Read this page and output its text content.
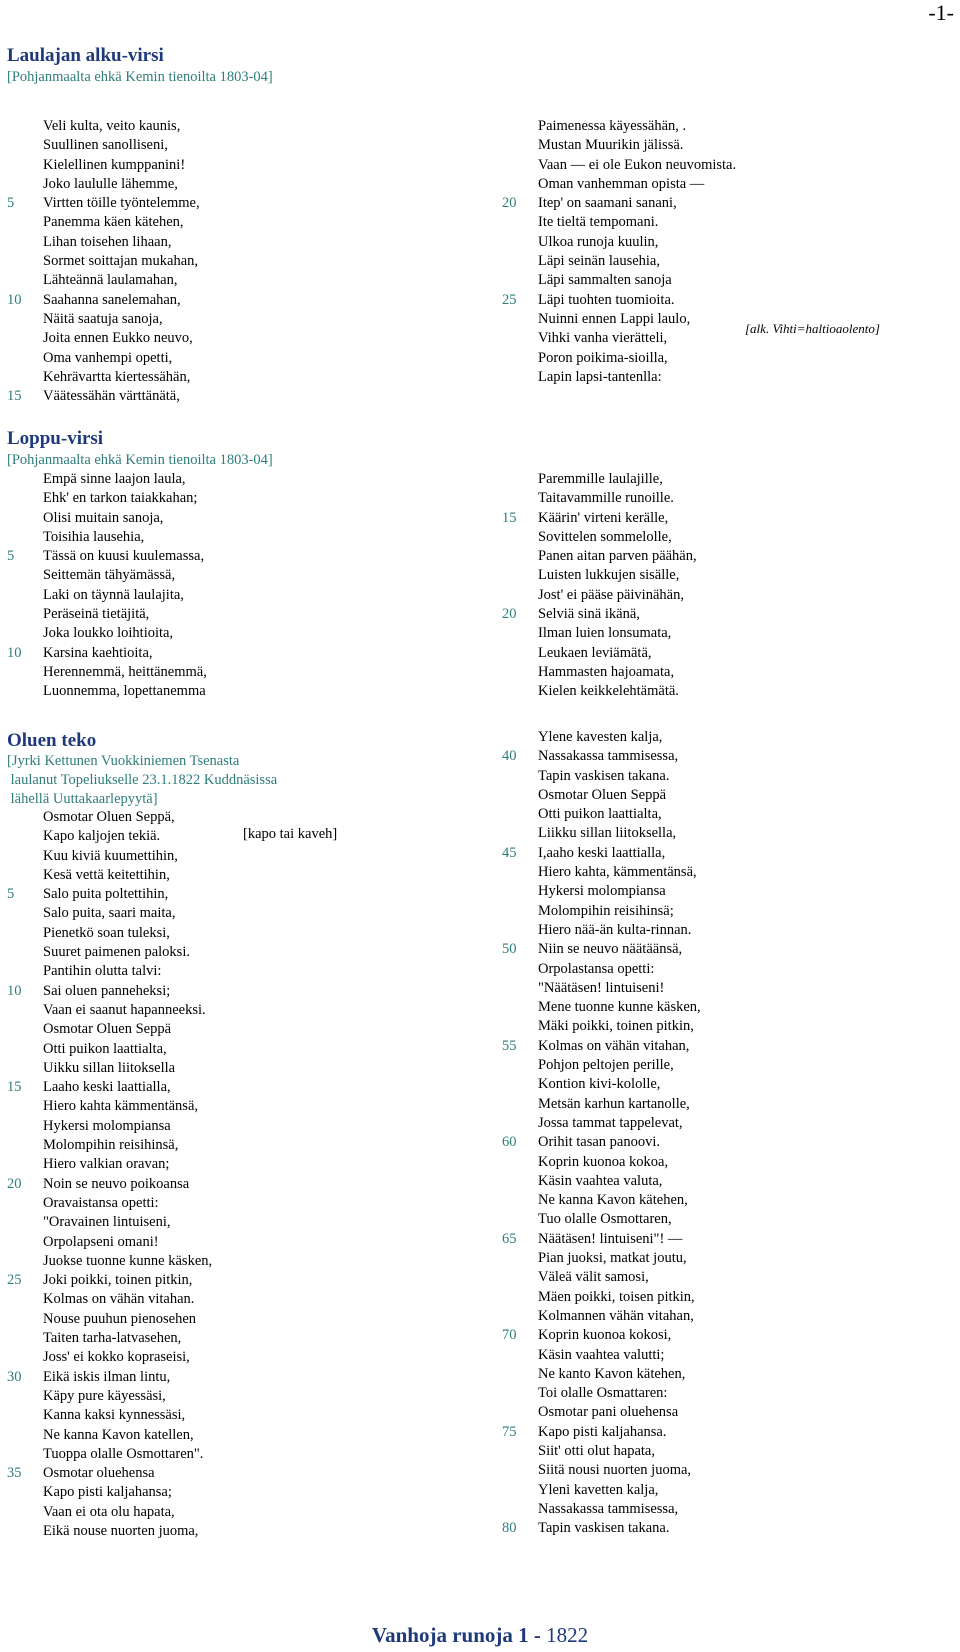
-1-
Laulajan alku-virsi
[Pohjanmaalta ehkä Kemin tienoilta 1803-04]
Veli kulta, veito kaunis,
Suullinen sanolliseni,
Kielellinen kumppanini!
Joko laululle lähemme,
5	Virtten töille työntelemme,
Panemma käen kätehen,
Lihan toisehen lihaan,
Sormet soittajan mukahan,
Lähteännä laulamahan,
10	Saahanna sanelemahan,
Näitä saatuja sanoja,
Joita ennen Eukko neuvo,
Oma vanhempi opetti,
Kehrävartta kiertessähän,
15	Väätessähän värttänätä,
Paimenessa käyessähän, .
Mustan Muurikin jälissä.
Vaan — ei ole Eukon neuvomista.
Oman vanhemman opista —
20	Itep' on saamani sanani,
Ite tieltä tempomani.
Ulkoa runoja kuulin,
Läpi seinän lausehia,
Läpi sammalten sanoja
25	Läpi tuohten tuomioita.
Nuinni ennen Lappi laulo,
Vihki vanha vierätteli,
Poron poikima-sioilla,
Lapin lapsi-tantenlla:
[alk. Vihti=haltioaolento]
Loppu-virsi
[Pohjanmaalta ehkä Kemin tienoilta 1803-04]
Empä sinne laajon laula,
Ehk' en tarkon taiakkahan;
Olisi muitain sanoja,
Toisihia lausehia,
5	Tässä on kuusi kuulemassa,
Seittemän tähyämässä,
Laki on täynnä laulajita,
Peräseinä tietäjitä,
Joka loukko loihtioita,
10	Karsina kaehtioita,
Herennemmä, heittänemmä,
Luonnemma, lopettanemma
Paremmille laulajille,
Taitavammille runoille.
15	Käärin' virteni kerälle,
Sovittelen sommelolle,
Panen aitan parven päähän,
Luisten lukkujen sisälle,
Jost' ei pääse päivinähän,
20	Selviä sinä ikänä,
Ilman luien lonsumata,
Leukaen leviämätä,
Hammasten hajoamata,
Kielen keikkelehtämätä.
Oluen teko
[Jyrki Kettunen Vuokkiniemen Tsenasta
laulanut Topeliukselle 23.1.1822 Kuddnäsissa
lähellä Uuttakaarlepyytä]
[kapo tai kaveh]
Osmotar Oluen Seppä,
Kapo kaljojen tekiä.
Kuu kiviä kuumettihin,
Kesä vettä keitettihin,
5	Salo puita poltettihin,
Salo puita, saari maita,
Pienetkö soan tuleksi,
Suuret paimenen paloksi.
Pantihin olutta talvi:
10	Sai oluen panneheksi;
Vaan ei saanut hapanneeksi.
Osmotar Oluen Seppä
Otti puikon laattialta,
Uikku sillan liitoksella
15	Laaho keski laattialla,
Hiero kahta kämmentänsä,
Hykersi molompiansa
Molompihin reisihinsä,
Hiero valkian oravan;
20	Noin se neuvo poikoansa
Oravaistansa opetti:
"Oravainen lintuiseni,
Orpolapseni omani!
Juokse tuonne kunne käsken,
25	Joki poikki, toinen pitkin,
Kolmas on vähän vitahan.
Nouse puuhun pienosehen
Taiten tarha-latvasehen,
Joss' ei kokko kopraseisi,
30	Eikä iskis ilman lintu,
Käpy pure käyessäsi,
Kanna kaksi kynnessäsi,
Ne kanna Kavon katellen,
Tuoppa olalle Osmottaren".
35	Osmotar oluehensa
Kapo pisti kaljahansa;
Vaan ei ota olu hapata,
Eikä nouse nuorten juoma,
Ylene kavesten kalja,
40	Nassakassa tammisessa,
Tapin vaskisen takana.
Osmotar Oluen Seppä
Otti puikon laattialta,
Liikku sillan liitoksella,
45	I,aaho keski laattialla,
Hiero kahta, kämmentänsä,
Hykersi molompiansa
Molompihin reisihinsä;
Hiero nää-än kulta-rinnan.
50	Niin se neuvo näätäänsä,
Orpolastansa opetti:
"Näätäsen! lintuiseni!
Mene tuonne kunne käsken,
Mäki poikki, toinen pitkin,
55	Kolmas on vähän vitahan,
Pohjon peltojen perille,
Kontion kivi-kololle,
Metsän karhun kartanolle,
Jossa tammat tappelevat,
60	Orihit tasan panoovi.
Koprin kuonoa kokoa,
Käsin vaahtea valuta,
Ne kanna Kavon kätehen,
Tuo olalle Osmottaren,
65	Näätäsen! lintuiseni"! —
Pian juoksi, matkat joutu,
Väleä välit samosi,
Mäen poikki, toisen pitkin,
Kolmannen vähän vitahan,
70	Koprin kuonoa kokosi,
Käsin vaahtea valutti;
Ne kanto Kavon kätehen,
Toi olalle Osmattaren:
Osmotar pani oluehensa
75	Kapo pisti kaljahansa.
Siit' otti olut hapata,
Siitä nousi nuorten juoma,
Yleni kavetten kalja,
Nassakassa tammisessa,
80	Tapin vaskisen takana.
Vanhoja runoja 1 - 1822
